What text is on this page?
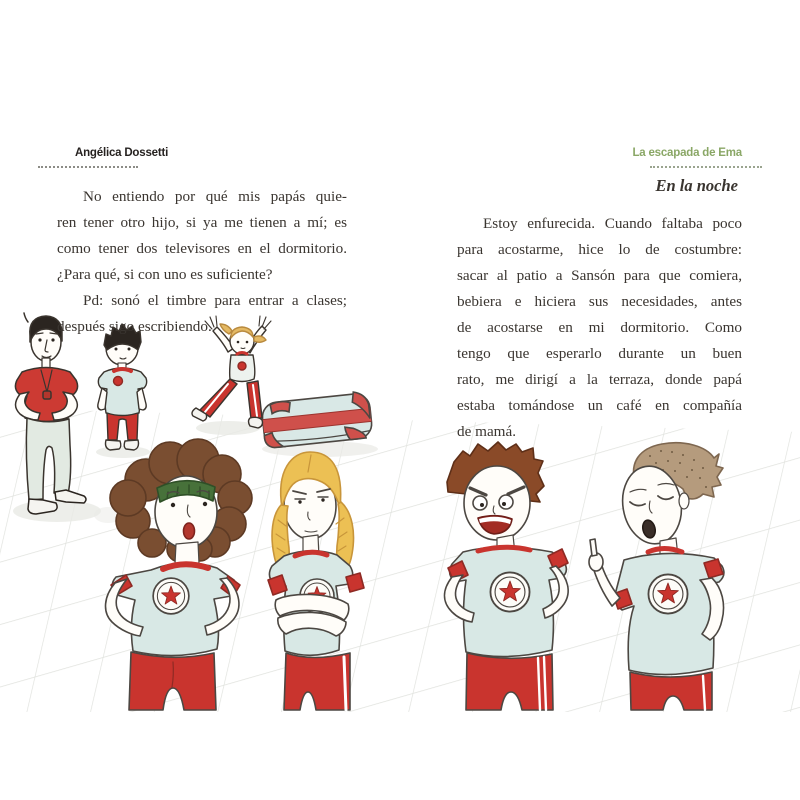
Angélica Dossetti	La escapada de Ema
No entiendo por qué mis papás quie-
ren tener otro hijo, si ya me tienen a mí; es
como tener dos televisores en el dormitorio.
¿Para qué, si con uno es suficiente?
Pd: sonó el timbre para entrar a clases;
después sigo escribiendo.
En la noche
Estoy enfurecida. Cuando faltaba poco
para acostarme, hice lo de costumbre:
sacar al patio a Sansón para que comiera,
bebiera e hiciera sus necesidades, antes
de acostarse en mi dormitorio. Como
tengo que esperarlo durante un buen
rato, me dirigí a la terraza, donde papá
estaba tomándose un café en compañía
de mamá.
